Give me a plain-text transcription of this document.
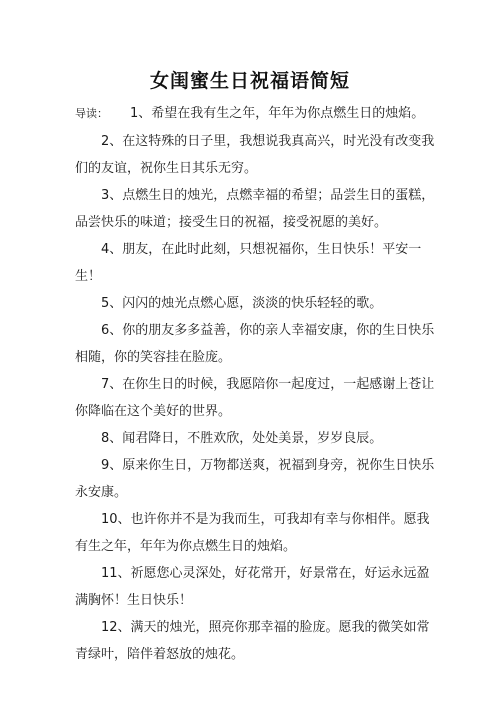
女闺蜜生日祝福语简短
导读： 1、希望在我有生之年，年年为你点燃生日的烛焰。

2、在这特殊的日子里，我想说我真高兴，时光没有改变我们的友谊，祝你生日其乐无穷。

3、点燃生日的烛光，点燃幸福的希望；品尝生日的蛋糕，品尝快乐的味道；接受生日的祝福，接受祝愿的美好。

4、朋友，在此时此刻，只想祝福你，生日快乐！平安一生！

5、闪闪的烛光点燃心愿，淡淡的快乐轻轻的歌。

6、你的朋友多多益善，你的亲人幸福安康，你的生日快乐相随，你的笑容挂在脸庞。

7、在你生日的时候，我愿陪你一起度过，一起感谢上苍让你降临在这个美好的世界。

8、闻君降日，不胜欢欣，处处美景，岁岁良辰。

9、原来你生日，万物都送爽，祝福到身旁，祝你生日快乐永安康。

10、也许你并不是为我而生，可我却有幸与你相伴。愿我有生之年，年年为你点燃生日的烛焰。

11、祈愿您心灵深处，好花常开，好景常在，好运永远盈满胸怀！生日快乐！

12、满天的烛光，照亮你那幸福的脸庞。愿我的微笑如常青绿叶，陪伴着怒放的烛花。
